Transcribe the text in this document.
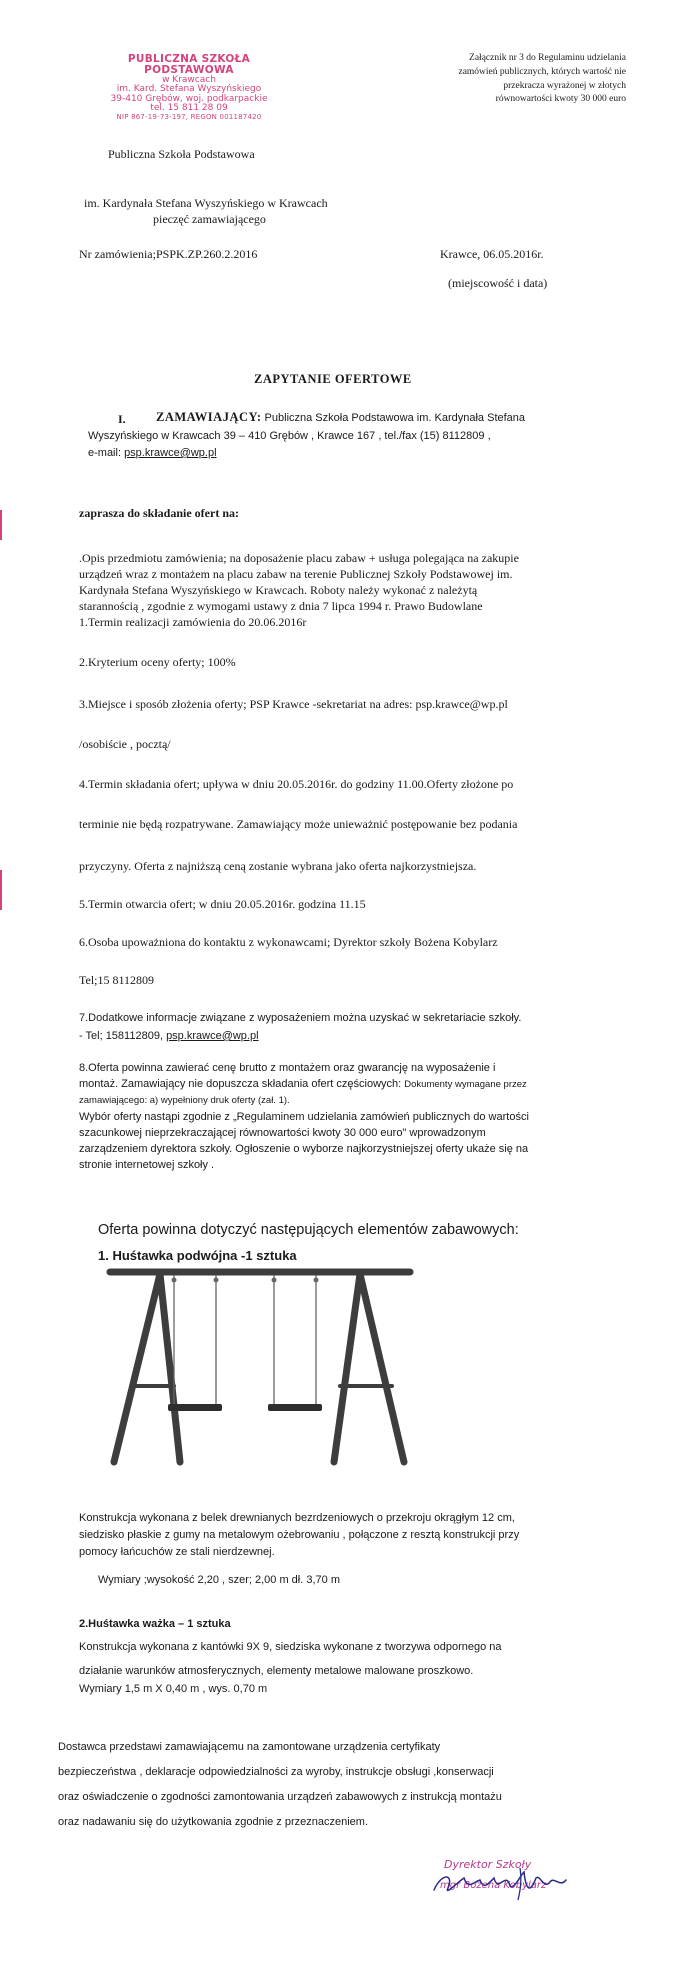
PUBLICZNA SZKOŁA PODSTAWOWA
w Krawcach
im. Kard. Stefana Wyszyńskiego
39-410 Grębów, woj. podkarpackie
tel. 15 811 28 09
NIP 867-19-73-197, REGON 001187420
Załącznik nr 3 do Regulaminu udzielania
zamówień publicznych, których wartość nie
przekracza wyrażonej w złotych
równowartości kwoty 30 000 euro
Publiczna Szkoła Podstawowa
im. Kardynała Stefana Wyszyńskiego w Krawcach
pieczęć zamawiającego
Nr zamówienia;PSPK.ZP.260.2.2016	Krawce, 06.05.2016r.
(miejscowość i data)
ZAPYTANIE OFERTOWE
I. ZAMAWIAJĄCY: Publiczna Szkoła Podstawowa im. Kardynała Stefana
Wyszyńskiego w Krawcach 39 – 410 Grębów , Krawce 167 , tel./fax (15) 8112809 ,
e-mail: psp.krawce@wp.pl
zaprasza do składanie ofert na:
.Opis przedmiotu zamówienia; na doposażenie placu zabaw + usługa polegająca na zakupie
urządzeń wraz z montażem na placu zabaw na terenie Publicznej Szkoły Podstawowej im.
Kardynała Stefana Wyszyńskiego w Krawcach. Roboty należy wykonać z należytą
starannością , zgodnie z wymogami ustawy z dnia 7 lipca 1994 r. Prawo Budowlane
1.Termin realizacji zamówienia do 20.06.2016r
2.Kryterium oceny oferty; 100%
3.Miejsce i sposób złożenia oferty; PSP Krawce -sekretariat na adres: psp.krawce@wp.pl
/osobiście , pocztą/
4.Termin składania ofert; upływa w dniu 20.05.2016r. do godziny 11.00.Oferty złożone po
terminie nie będą rozpatrywane. Zamawiający może unieważnić postępowanie bez podania
przyczyny. Oferta z najniższą ceną zostanie wybrana jako oferta najkorzystniejsza.
5.Termin otwarcia ofert; w dniu 20.05.2016r. godzina 11.15
6.Osoba upoważniona do kontaktu z wykonawcami; Dyrektor szkoły Bożena Kobylarz
Tel;15 8112809
7.Dodatkowe informacje związane z wyposażeniem można uzyskać w sekretariacie szkoły.
- Tel; 158112809, psp.krawce@wp.pl
8.Oferta powinna zawierać cenę brutto z montażem oraz gwarancję na wyposażenie i
montaż. Zamawiający nie dopuszcza składania ofert częściowych: Dokumenty wymagane przez
zamawiającego: a) wypełniony druk oferty (zał. 1).
Wybór oferty nastąpi zgodnie z „Regulaminem udzielania zamówień publicznych do wartości
szacunkowej nieprzekraczającej równowartości kwoty 30 000 euro" wprowadzonym
zarządzeniem dyrektora szkoły. Ogłoszenie o wyborze najkorzystniejszej oferty ukaże się na
stronie internetowej szkoły .
Oferta powinna dotyczyć następujących elementów zabawowych:
1. Huśtawka podwójna -1 sztuka
Konstrukcja wykonana z belek drewnianych bezrdzeniowych o przekroju okrągłym 12 cm,
siedzisko płaskie z gumy na metalowym ożebrowaniu , połączone z resztą konstrukcji przy
pomocy łańcuchów ze stali nierdzewnej.
Wymiary ;wysokość 2,20 , szer; 2,00 m dł. 3,70 m
2.Huśtawka ważka – 1 sztuka
Konstrukcja wykonana z kantówki 9X 9, siedziska wykonane z tworzywa odpornego na
działanie warunków atmosferycznych, elementy metalowe malowane proszkowo.
Wymiary 1,5 m X 0,40 m , wys. 0,70 m
Dostawca przedstawi zamawiającemu na zamontowane urządzenia certyfikaty
bezpieczeństwa , deklaracje odpowiedzialności za wyroby, instrukcje obsługi ,konserwacji
oraz oświadczenie o zgodności zamontowania urządzeń zabawowych z instrukcją montażu
oraz nadawaniu się do użytkowania zgodnie z przeznaczeniem.
Dyrektor Szkoły
mgr Bożena Kobylarz
